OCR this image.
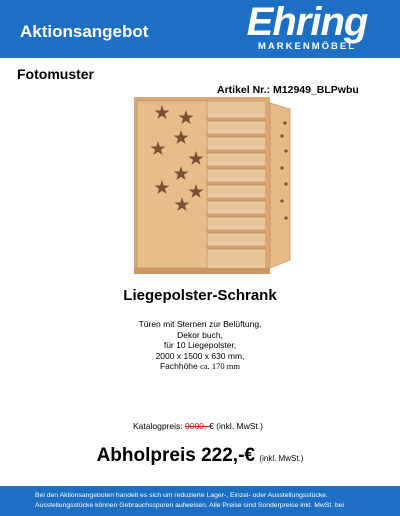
Aktionsangebot	Ehring
MARKENMÖBEL
Fotomuster
Artikel Nr.: M12949_BLPwbu
Liegepolster-Schrank
Türen mit Sternen zur Belüftung,
Dekor buch,
für 10 Liegepolster,
2000 x 1500 x 630 mm,
Fachhöhe ca. 170 mm
Katalogpreis: 0000,-€ (inkl. MwSt.)
Abholpreis 222,-€ (inkl. MwSt.)
Bei den Aktionsangeboten handelt es sich um reduzierte Lager-, Einzel- oder Ausstellungsstücke.
Ausstellungsstücke können Gebrauchsspuren aufweisen. Alle Preise sind Sonderpreise inkl. MwSt. bei
